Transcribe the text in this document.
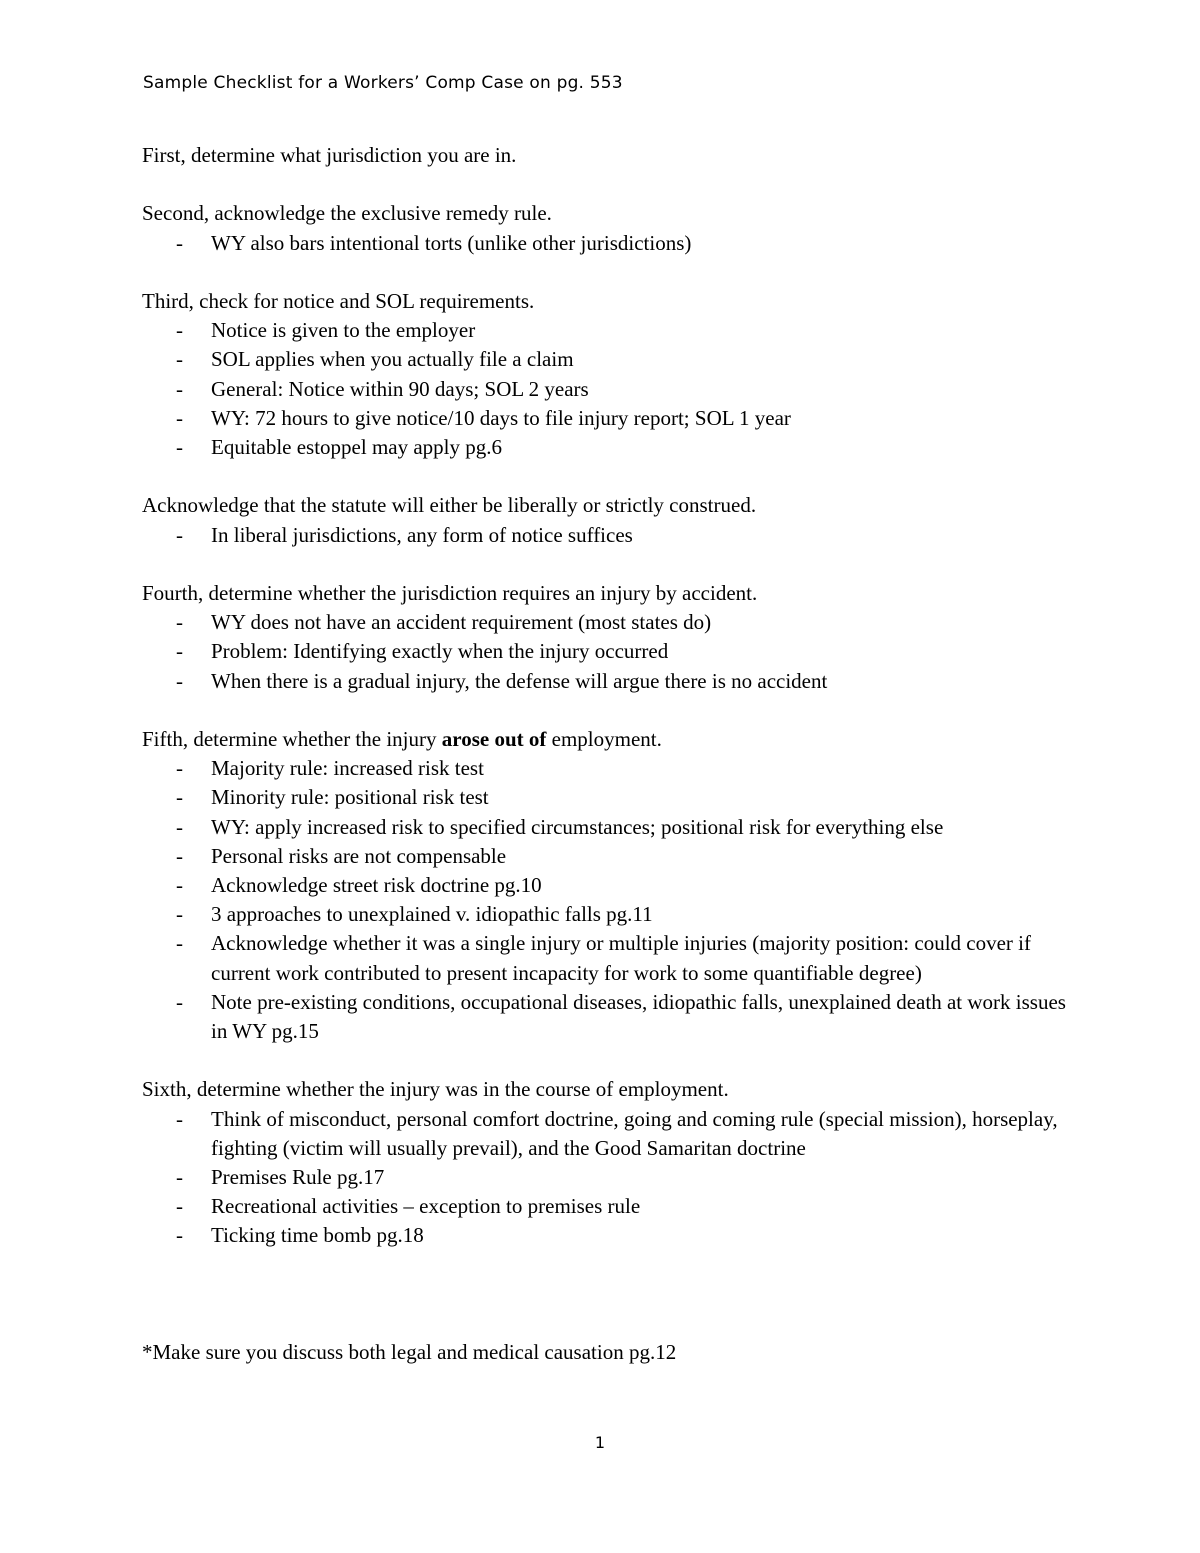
Sample Checklist for a Workers’ Comp Case on pg. 553

First, determine what jurisdiction you are in.

Second, acknowledge the exclusive remedy rule.

- WY also bars intentional torts (unlike other jurisdictions)

Third, check for notice and SOL requirements.

- Notice is given to the employer
- SOL applies when you actually file a claim
- General: Notice within 90 days; SOL 2 years
- WY: 72 hours to give notice/10 days to file injury report; SOL 1 year
- Equitable estoppel may apply pg.6

Acknowledge that the statute will either be liberally or strictly construed.

- In liberal jurisdictions, any form of notice suffices

Fourth, determine whether the jurisdiction requires an injury by accident.

- WY does not have an accident requirement (most states do)
- Problem: Identifying exactly when the injury occurred
- When there is a gradual injury, the defense will argue there is no accident

Fifth, determine whether the injury arose out of employment.

- Majority rule: increased risk test
- Minority rule: positional risk test
- WY: apply increased risk to specified circumstances; positional risk for everything else
- Personal risks are not compensable
- Acknowledge street risk doctrine pg.10
- 3 approaches to unexplained v. idiopathic falls pg.11
- Acknowledge whether it was a single injury or multiple injuries (majority position: could cover if current work contributed to present incapacity for work to some quantifiable degree)
- Note pre-existing conditions, occupational diseases, idiopathic falls, unexplained death at work issues in WY pg.15

Sixth, determine whether the injury was in the course of employment.

- Think of misconduct, personal comfort doctrine, going and coming rule (special mission), horseplay, fighting (victim will usually prevail), and the Good Samaritan doctrine
- Premises Rule pg.17
- Recreational activities – exception to premises rule
- Ticking time bomb pg.18

*Make sure you discuss both legal and medical causation pg.12

1
